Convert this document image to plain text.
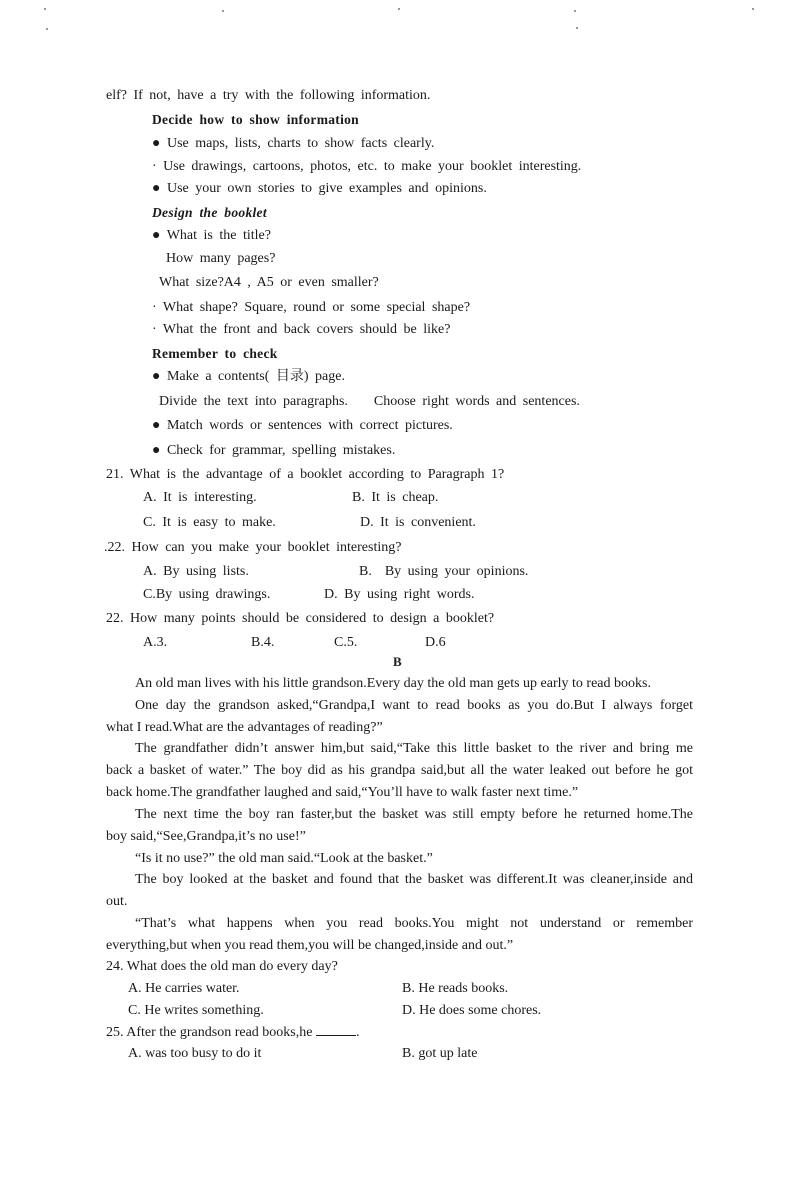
elf? If not, have a try with the following information.
Decide how to show information
● Use maps, lists, charts to show facts clearly.
· Use drawings, cartoons, photos, etc. to make your booklet interesting.
● Use your own stories to give examples and opinions.
Design the booklet
● What is the title?
How many pages?
What size?A4 , A5 or even smaller?
· What shape? Square, round or some special shape?
· What the front and back covers should be like?
Remember to check
● Make a contents( 目录) page.
Divide the text into paragraphs.    Choose right words and sentences.
● Match words or sentences with correct pictures.
● Check for grammar, spelling mistakes.
21. What is the advantage of a booklet according to Paragraph 1?
A. It is interesting.	B. It is cheap.
C. It is easy to make.	D. It is convenient.
.22. How can you make your booklet interesting?
A. By using lists.	B.  By using your opinions.
C.By using drawings.	D. By using right words.
22. How many points should be considered to design a booklet?
A.3.	B.4.	C.5.	D.6
B
An old man lives with his little grandson.Every day the old man gets up early to read books.
One day the grandson asked,“Grandpa,I want to read books as you do.But I always forget
what I read.What are the advantages of reading?”
The grandfather didn’t answer him,but said,“Take this little basket to the river and bring me
back a basket of water.” The boy did as his grandpa said,but all the water leaked out before he got
back home.The grandfather laughed and said,“You’ll have to walk faster next time.”
The next time the boy ran faster,but the basket was still empty before he returned home.The
boy said,“See,Grandpa,it’s no use!”
“Is it no use?” the old man said.“Look at the basket.”
The boy looked at the basket and found that the basket was different.It was cleaner,inside and
out.
“That’s what happens when you read books.You might not understand or remember
everything,but when you read them,you will be changed,inside and out.”
24. What does the old man do every day?
A. He carries water.	B. He reads books.
C. He writes something.	D. He does some chores.
25. After the grandson read books,he	.
A. was too busy to do it	B. got up late
